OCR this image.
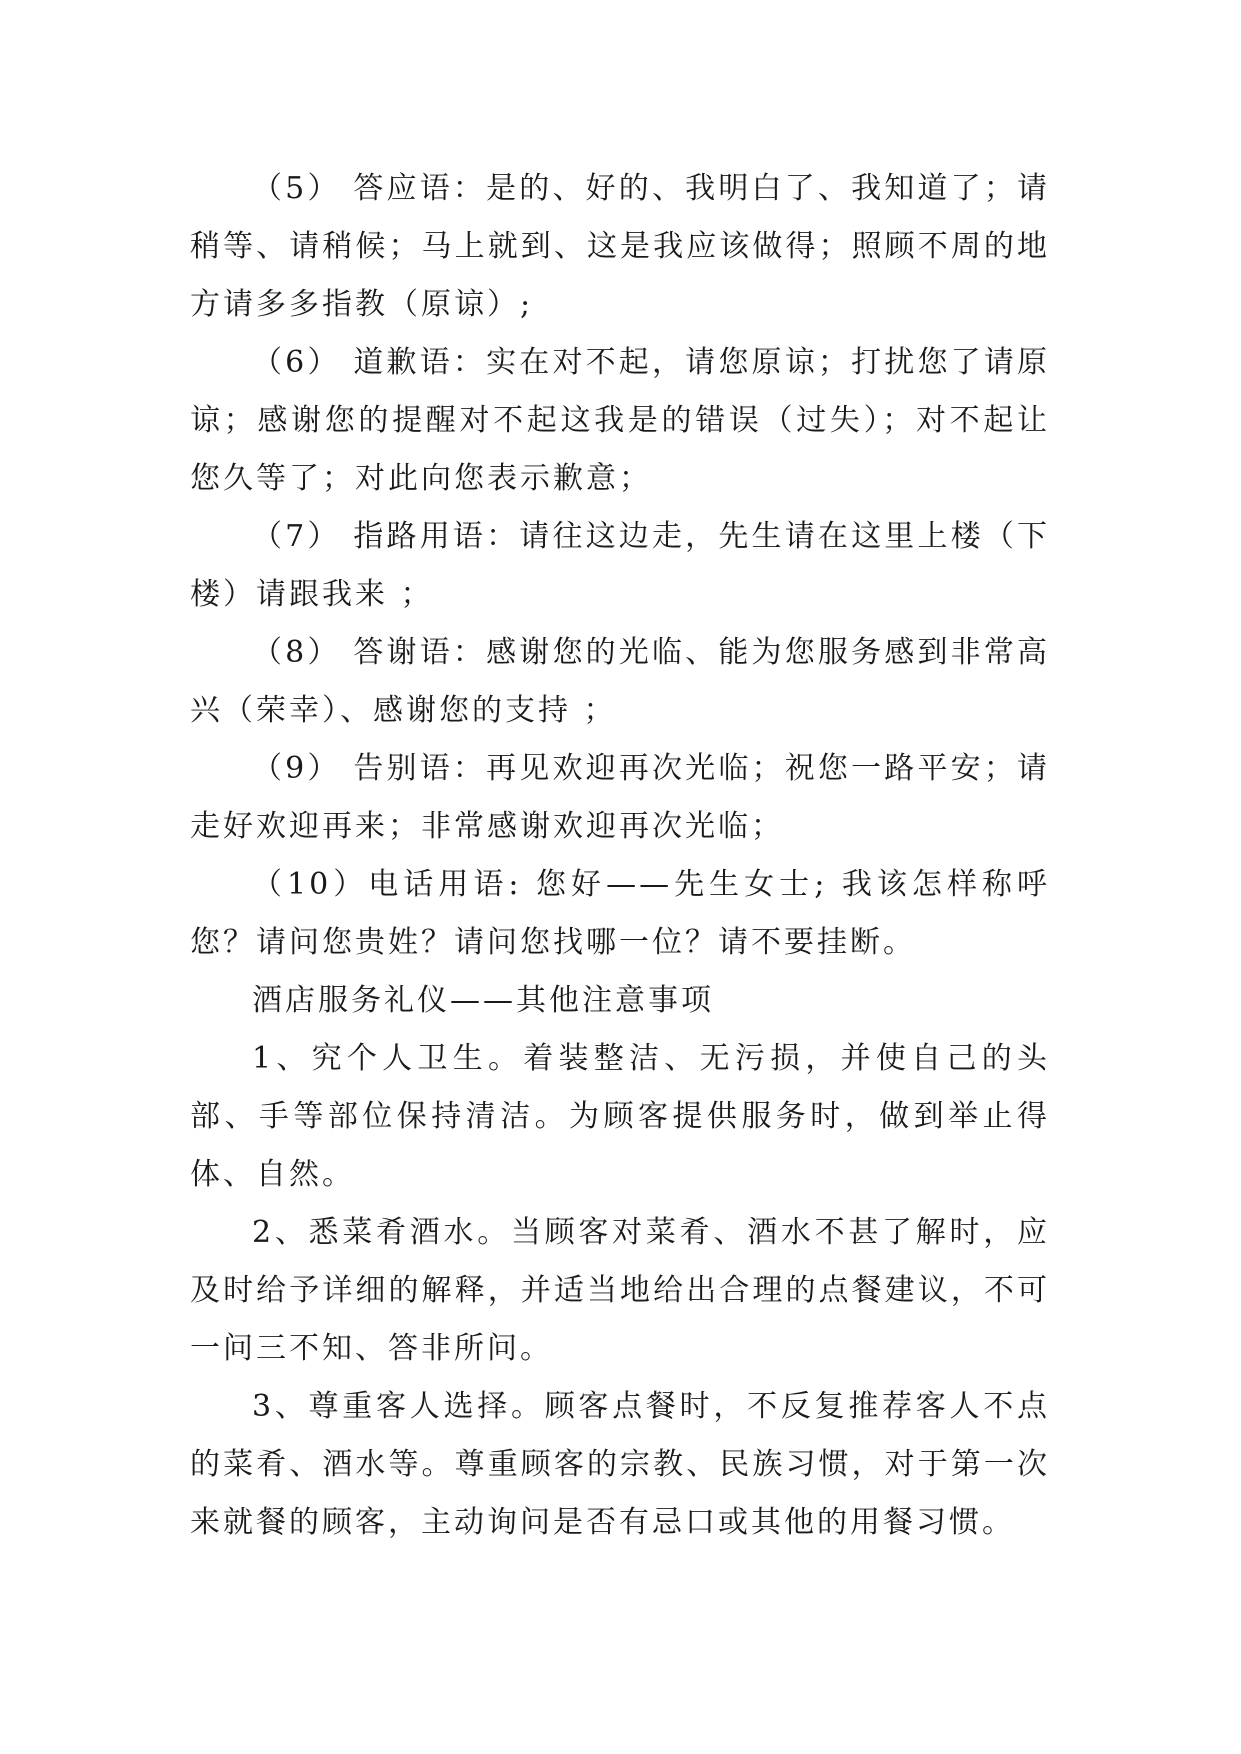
（5） 答应语：是的、好的、我明白了、我知道了；请稍等、请稍候；马上就到、这是我应该做得；照顾不周的地方请多多指教（原谅）;

（6） 道歉语：实在对不起，请您原谅；打扰您了请原谅；感谢您的提醒对不起这我是的错误（过失）；对不起让您久等了；对此向您表示歉意；

（7） 指路用语：请往这边走，先生请在这里上楼（下楼）请跟我来 ；

（8） 答谢语：感谢您的光临、能为您服务感到非常高兴（荣幸）、感谢您的支持 ；

（9） 告别语：再见欢迎再次光临；祝您一路平安；请走好欢迎再来；非常感谢欢迎再次光临；

（10）电话用语: 您好——先生女士; 我该怎样称呼您？请问您贵姓？请问您找哪一位？请不要挂断。

酒店服务礼仪——其他注意事项

1、究个人卫生。着装整洁、无污损，并使自己的头部、手等部位保持清洁。为顾客提供服务时，做到举止得体、自然。

2、悉菜肴酒水。当顾客对菜肴、酒水不甚了解时，应及时给予详细的解释，并适当地给出合理的点餐建议，不可一问三不知、答非所问。

3、尊重客人选择。顾客点餐时，不反复推荐客人不点的菜肴、酒水等。尊重顾客的宗教、民族习惯，对于第一次来就餐的顾客，主动询问是否有忌口或其他的用餐习惯。
